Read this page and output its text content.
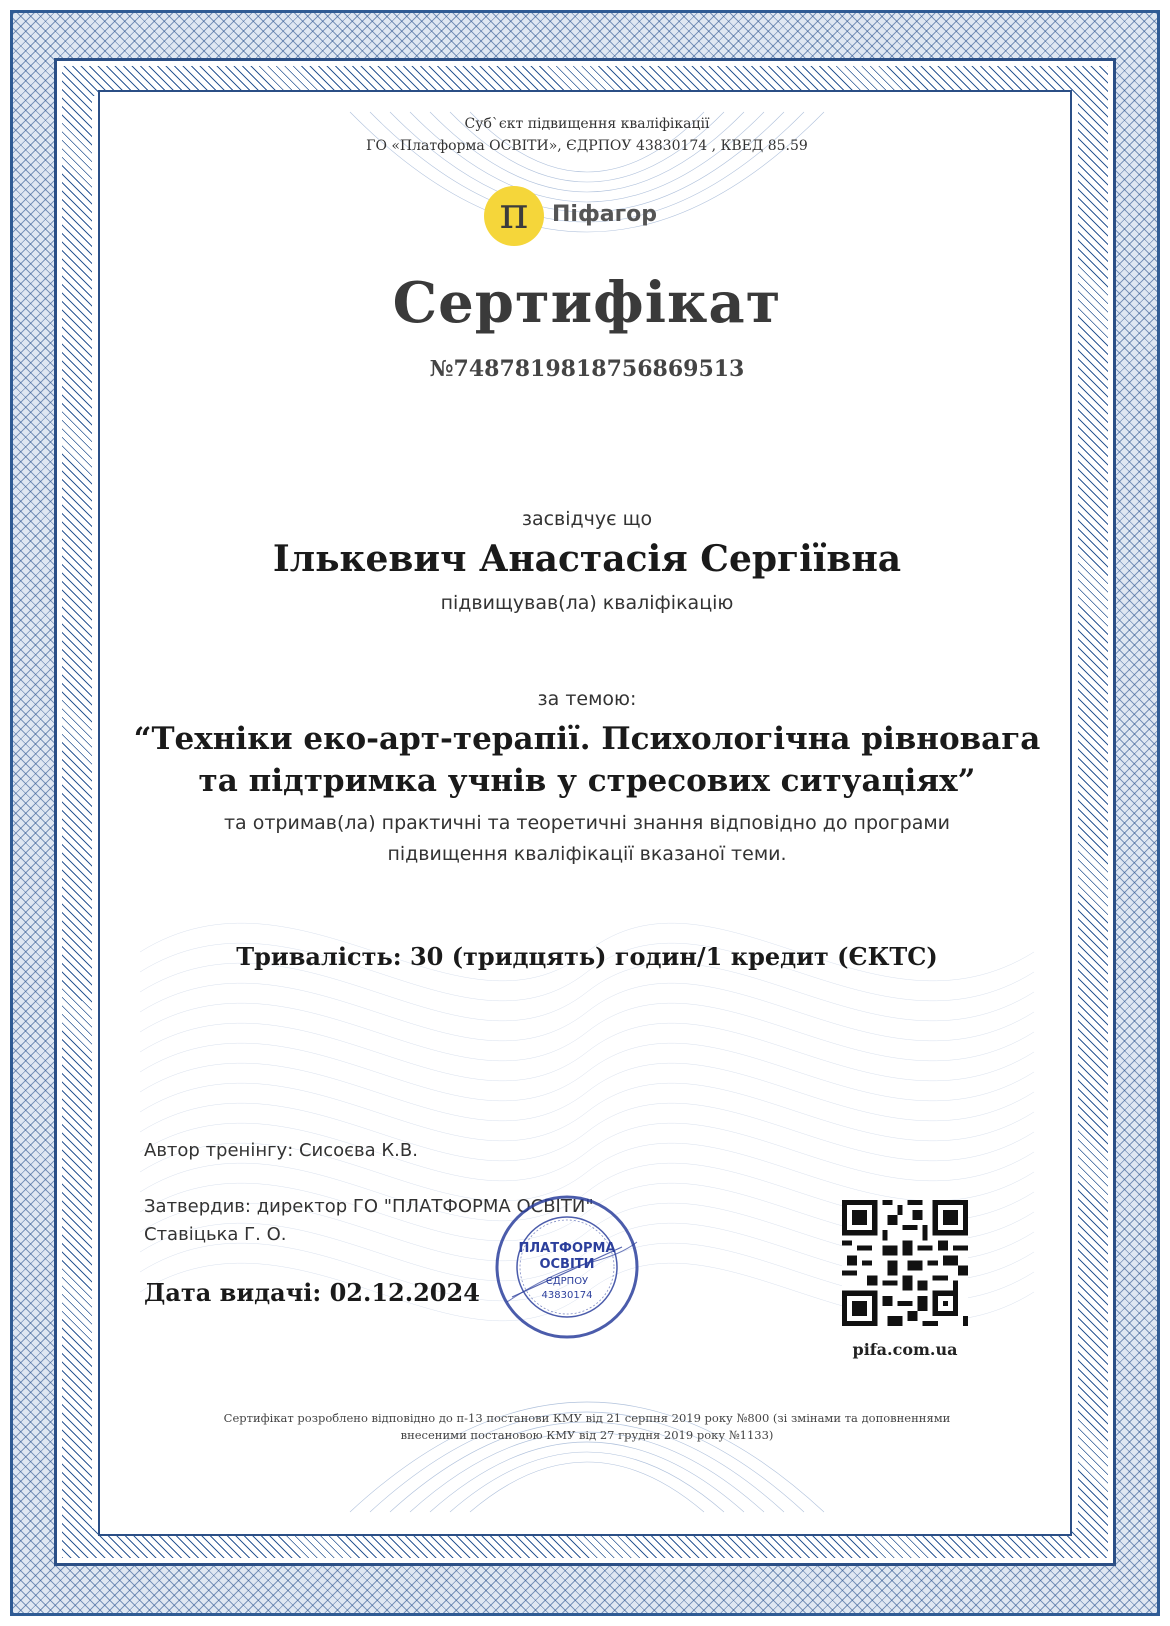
Суб`єкт підвищення кваліфікації
ГО «Платформа ОСВІТИ», ЄДРПОУ 43830174 , КВЕД 85.59
π	Піфагор
Сертифікат
№7487819818756869513
засвідчує що
Ількевич Анастасія Сергіївна
підвищував(ла) кваліфікацію
за темою:
“Техніки еко-арт-терапії. Психологічна рівновага
та підтримка учнів у стресових ситуаціях”
та отримав(ла) практичні та теоретичні знання відповідно до програми
підвищення кваліфікації вказаної теми.
Тривалість: 30 (тридцять) годин/1 кредит (ЄКТС)
Автор тренінгу: Сисоєва К.В.
Затвердив: директор ГО "ПЛАТФОРМА ОСВІТИ"
Ставіцька Г. О.
Дата видачі: 02.12.2024
ПЛАТФОРМА
ОСВІТИ
ЄДРПОУ
43830174
pifa.com.ua
Сертифікат розроблено відповідно до п-13 постанови КМУ від 21 серпня 2019 року №800 (зі змінами та доповненнями
внесеними постановою КМУ від 27 грудня 2019 року №1133)
